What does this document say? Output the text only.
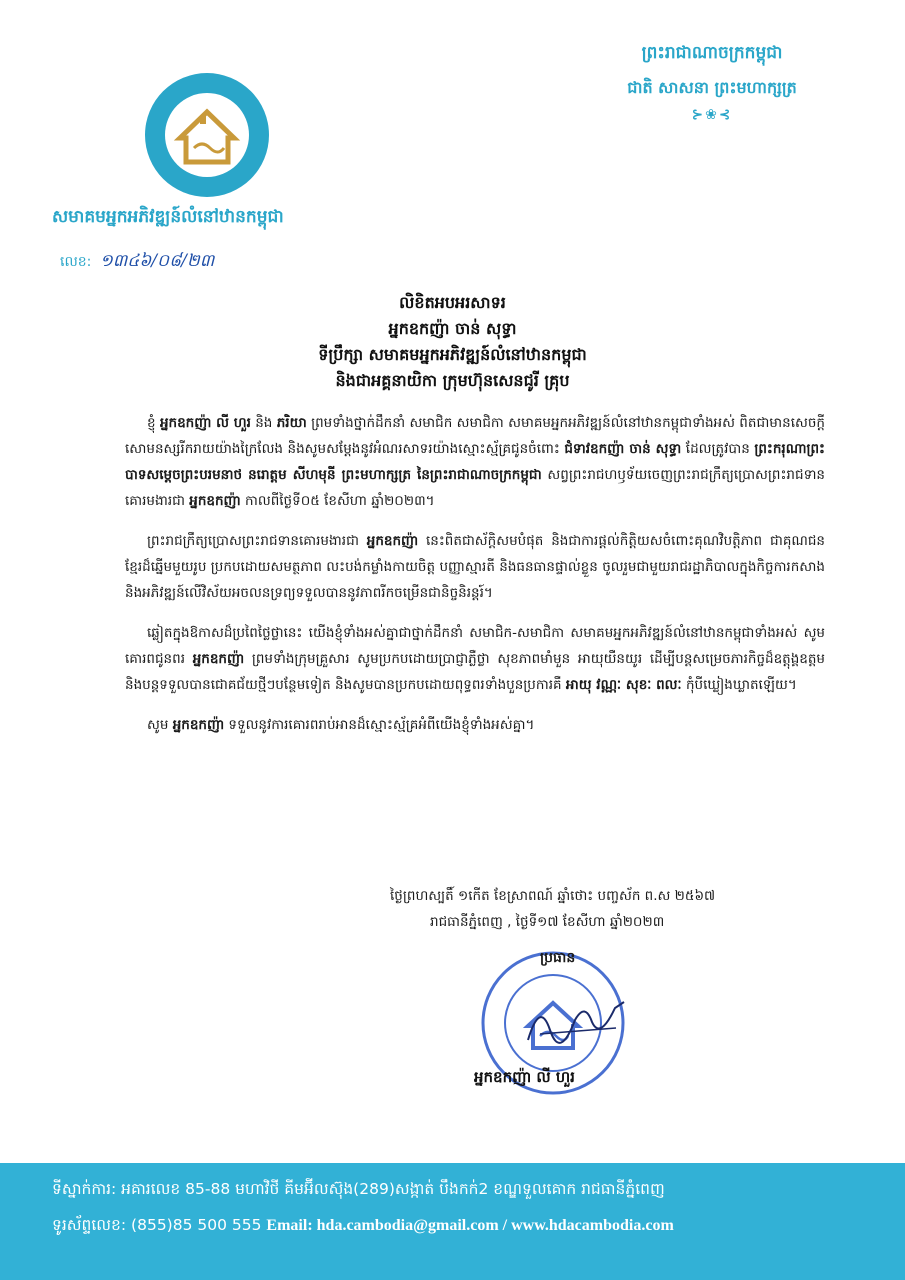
សមាគមអ្នកអភិវឌ្ឍន៍លំនៅឋានកម្ពុជា
លេខ: ១៣៤៦/០៨/២៣
ព្រះរាជាណាចក្រកម្ពុជា
ជាតិ សាសនា ព្រះមហាក្សត្រ
⊱❀⊰
លិខិតអបអរសាទរ
អ្នកឧកញ៉ា ចាន់ សុទ្ធា
ទីប្រឹក្សា សមាគមអ្នកអភិវឌ្ឍន៍លំនៅឋានកម្ពុជា
និងជាអគ្គនាយិកា ក្រុមហ៊ុនសេនជូរី គ្រុប

ខ្ញុំ អ្នកឧកញ៉ា លី ហួរ និង ភរិយា ព្រមទាំងថ្នាក់ដឹកនាំ សមាជិក សមាជិកា សមាគមអ្នកអភិវឌ្ឍន៍លំនៅឋានកម្ពុជាទាំងអស់ ពិតជាមានសេចក្តីសោមនស្សរីករាយយ៉ាងក្រៃលែង និងសូមសម្តែងនូវអំណរសាទរយ៉ាងស្មោះស្ម័គ្រជូនចំពោះ ជំទាវឧកញ៉ា ចាន់ សុទ្ធា ដែលត្រូវបាន ព្រះករុណាព្រះបាទសម្តេចព្រះបរមនាថ នរោត្តម សីហមុនី ព្រះមហាក្សត្រ នៃព្រះរាជាណាចក្រកម្ពុជា សព្វព្រះរាជហឫទ័យចេញព្រះរាជក្រឹត្យប្រោសព្រះរាជទានគោរមងារជា អ្នកឧកញ៉ា កាលពីថ្ងៃទី០៥ ខែសីហា ឆ្នាំ២០២៣។

ព្រះរាជក្រឹត្យប្រោសព្រះរាជទានគោរមងារជា អ្នកឧកញ៉ា នេះពិតជាស័ក្តិសមបំផុត និងជាការផ្តល់កិត្តិយសចំពោះគុណវិបត្តិភាព ជាគុណជនខ្មែរដ៏ឆ្នើមមួយរូប ប្រកបដោយសមត្ថភាព លះបង់កម្លាំងកាយចិត្ត បញ្ញាស្មារតី និងធនធានផ្ទាល់ខ្លួន ចូលរួមជាមួយរាជរដ្ឋាភិបាលក្នុងកិច្ចការកសាង និងអភិវឌ្ឍន៍លើវិស័យអចលនទ្រព្យទទួលបាននូវភាពរីកចម្រើនជានិច្ចនិរន្តរ៍។

ឆ្លៀតក្នុងឱកាសដ៏ប្រពៃថ្លៃថ្លានេះ យើងខ្ញុំទាំងអស់គ្នាជាថ្នាក់ដឹកនាំ សមាជិក-សមាជិកា សមាគមអ្នកអភិវឌ្ឍន៍លំនៅឋានកម្ពុជាទាំងអស់ សូមគោរពជូនពរ អ្នកឧកញ៉ា ព្រមទាំងក្រុមគ្រួសារ សូមប្រកបដោយប្រាជ្ញាភ្លឺថ្លា សុខភាពមាំមួន អាយុយឺនយូរ ដើម្បីបន្តសម្រេចភារកិច្ចដ៏ឧត្តុង្គឧត្តម និងបន្តទទួលបានជោគជ័យថ្មីៗបន្ថែមទៀត និងសូមបានប្រកបដោយពុទ្ធពរទាំងបួនប្រការគឺ អាយុ វណ្ណៈ សុខៈ ពលៈ កុំបីឃ្លៀងឃ្លាតឡើយ។

សូម អ្នកឧកញ៉ា ទទួលនូវការគោរពរាប់អានដ៏ស្មោះស្ម័គ្រអំពីយើងខ្ញុំទាំងអស់គ្នា។

ថ្ងៃព្រហស្បតិ៍ ១កើត ខែស្រាពណ៍ ឆ្នាំថោះ បញ្ចស័ក ព.ស ២៥៦៧
រាជធានីភ្នំពេញ , ថ្ងៃទី១៧ ខែសីហា ឆ្នាំ២០២៣
ប្រធាន
អ្នកឧកញ៉ា លី ហួរ
ទីស្នាក់ការ: អគារលេខ 85-88 មហាវិថី គីមអ៊ីលស៊ុង(289)សង្កាត់ បឹងកក់2 ខណ្ឌទួលគោក រាជធានីភ្នំពេញ
ទូរស័ព្ទលេខ: (855)85 500 555 Email: hda.cambodia@gmail.com / www.hdacambodia.com
